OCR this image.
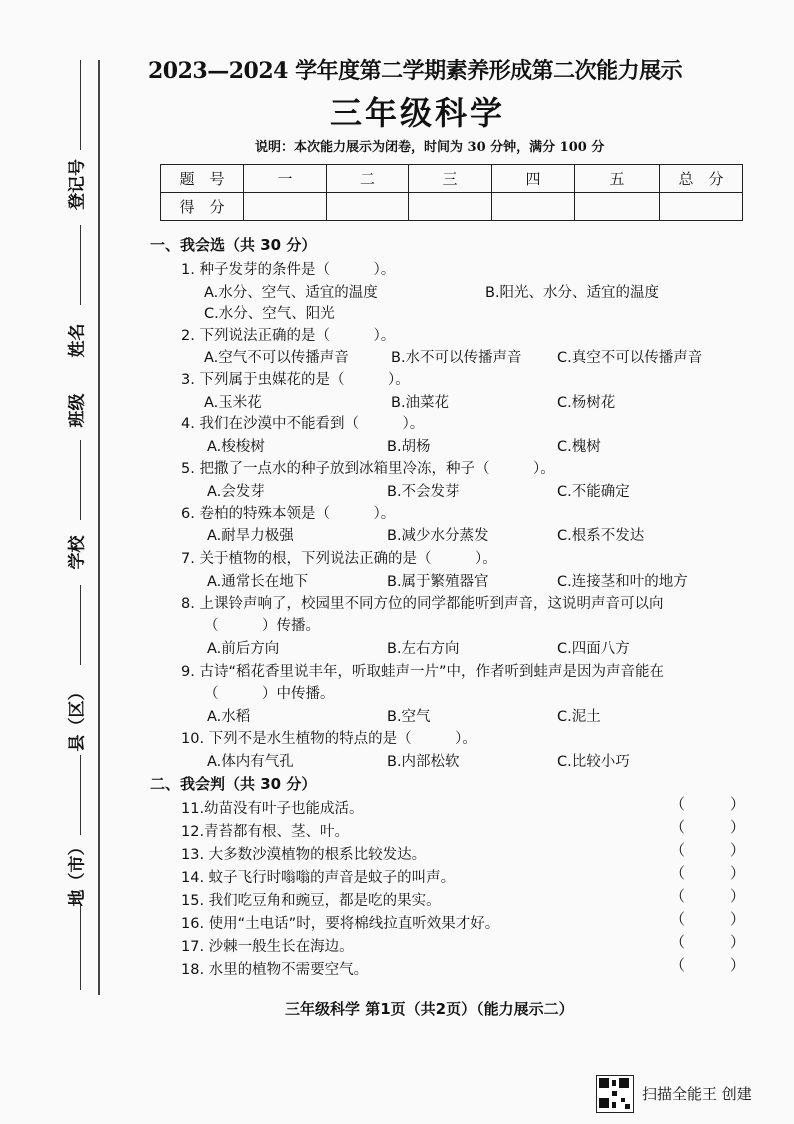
登记号
姓名
班级
学校
县（区）
地（市）
2023—2024 学年度第二学期素养形成第二次能力展示
三年级科学
说明：本次能力展示为闭卷，时间为 30 分钟，满分 100 分
题　号	一	二	三	四	五	总　分
得　分						
一、我会选（共 30 分）
1. 种子发芽的条件是（　　　）。
A.水分、空气、适宜的温度	B.阳光、水分、适宜的温度
C.水分、空气、阳光
2. 下列说法正确的是（　　　）。
A.空气不可以传播声音	B.水不可以传播声音 C.真空不可以传播声音
3. 下列属于虫媒花的是（　　　）。
A.玉米花	B.油菜花	C.杨树花
4. 我们在沙漠中不能看到（　　　）。
A.梭梭树	B.胡杨	C.槐树
5. 把撒了一点水的种子放到冰箱里冷冻，种子（　　　）。
A.会发芽	B.不会发芽	C.不能确定
6. 卷柏的特殊本领是（　　　）。
A.耐旱力极强	B.减少水分蒸发	C.根系不发达
7. 关于植物的根，下列说法正确的是（　　　）。
A.通常长在地下	B.属于繁殖器官	C.连接茎和叶的地方
8. 上课铃声响了，校园里不同方位的同学都能听到声音，这说明声音可以向
（　　　）传播。
A.前后方向	B.左右方向	C.四面八方
9. 古诗“稻花香里说丰年，听取蛙声一片”中，作者听到蛙声是因为声音能在
（　　　）中传播。
A.水稻	B.空气	C.泥土
10. 下列不是水生植物的特点的是（　　　）。
A.体内有气孔	B.内部松软	C.比较小巧
二、我会判（共 30 分）
11.幼苗没有叶子也能成活。	（　　　）
12.青苔都有根、茎、叶。	（　　　）
13. 大多数沙漠植物的根系比较发达。	（　　　）
14. 蚊子飞行时嗡嗡的声音是蚊子的叫声。	（　　　）
15. 我们吃豆角和豌豆，都是吃的果实。	（　　　）
16. 使用“土电话”时，要将棉线拉直听效果才好。	（　　　）
17. 沙棘一般生长在海边。	（　　　）
18. 水里的植物不需要空气。	（　　　）
三年级科学 第1页（共2页）（能力展示二）
扫描全能王 创建
